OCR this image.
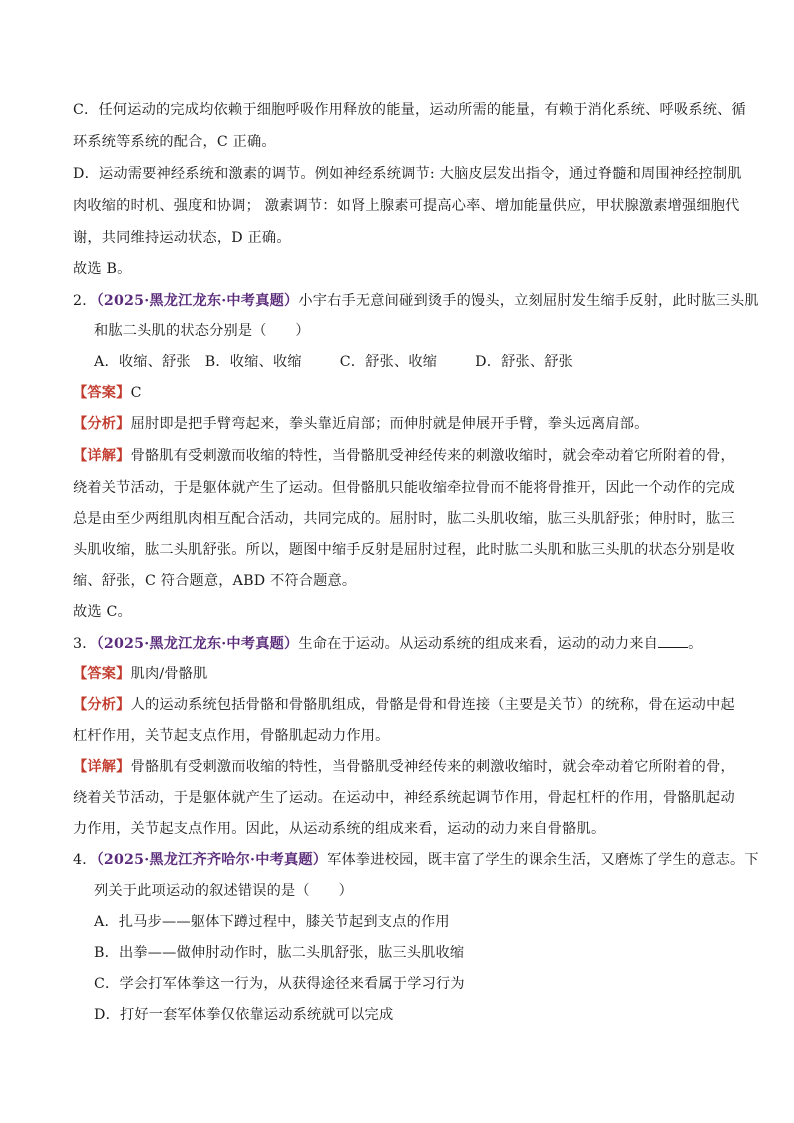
C．任何运动的完成均依赖于细胞呼吸作用释放的能量，运动所需的能量，有赖于消化系统、呼吸系统、循
环系统等系统的配合，C 正确。
D．运动需要神经系统和激素的调节。例如神经系统调节: 大脑皮层发出指令，通过脊髓和周围神经控制肌
肉收缩的时机、强度和协调； 激素调节：如肾上腺素可提高心率、增加能量供应，甲状腺激素增强细胞代
谢，共同维持运动状态，D 正确。
故选 B。
2．（2025·黑龙江龙东·中考真题）小宇右手无意间碰到烫手的馒头，立刻屈肘发生缩手反射，此时肱三头肌
和肱二头肌的状态分别是（　　）
A．收缩、舒张 B．收缩、收缩	C．舒张、收缩	D．舒张、舒张
【答案】C
【分析】屈肘即是把手臂弯起来，拳头靠近肩部；而伸肘就是伸展开手臂，拳头远离肩部。
【详解】骨骼肌有受刺激而收缩的特性，当骨骼肌受神经传来的刺激收缩时，就会牵动着它所附着的骨，
绕着关节活动，于是躯体就产生了运动。但骨骼肌只能收缩牵拉骨而不能将骨推开，因此一个动作的完成
总是由至少两组肌肉相互配合活动，共同完成的。屈肘时，肱二头肌收缩，肱三头肌舒张；伸肘时，肱三
头肌收缩，肱二头肌舒张。所以，题图中缩手反射是屈肘过程，此时肱二头肌和肱三头肌的状态分别是收
缩、舒张，C 符合题意，ABD 不符合题意。
故选 C。
3．（2025·黑龙江龙东·中考真题）生命在于运动。从运动系统的组成来看，运动的动力来自 。
【答案】肌肉/骨骼肌
【分析】人的运动系统包括骨骼和骨骼肌组成，骨骼是骨和骨连接（主要是关节）的统称，骨在运动中起
杠杆作用，关节起支点作用，骨骼肌起动力作用。
【详解】骨骼肌有受刺激而收缩的特性，当骨骼肌受神经传来的刺激收缩时，就会牵动着它所附着的骨，
绕着关节活动，于是躯体就产生了运动。在运动中，神经系统起调节作用，骨起杠杆的作用，骨骼肌起动
力作用，关节起支点作用。因此，从运动系统的组成来看，运动的动力来自骨骼肌。
4．（2025·黑龙江齐齐哈尔·中考真题）军体拳进校园，既丰富了学生的课余生活，又磨炼了学生的意志。下
列关于此项运动的叙述错误的是（　　）
A．扎马步——躯体下蹲过程中，膝关节起到支点的作用
B．出拳——做伸肘动作时，肱二头肌舒张，肱三头肌收缩
C．学会打军体拳这一行为，从获得途径来看属于学习行为
D．打好一套军体拳仅依靠运动系统就可以完成
